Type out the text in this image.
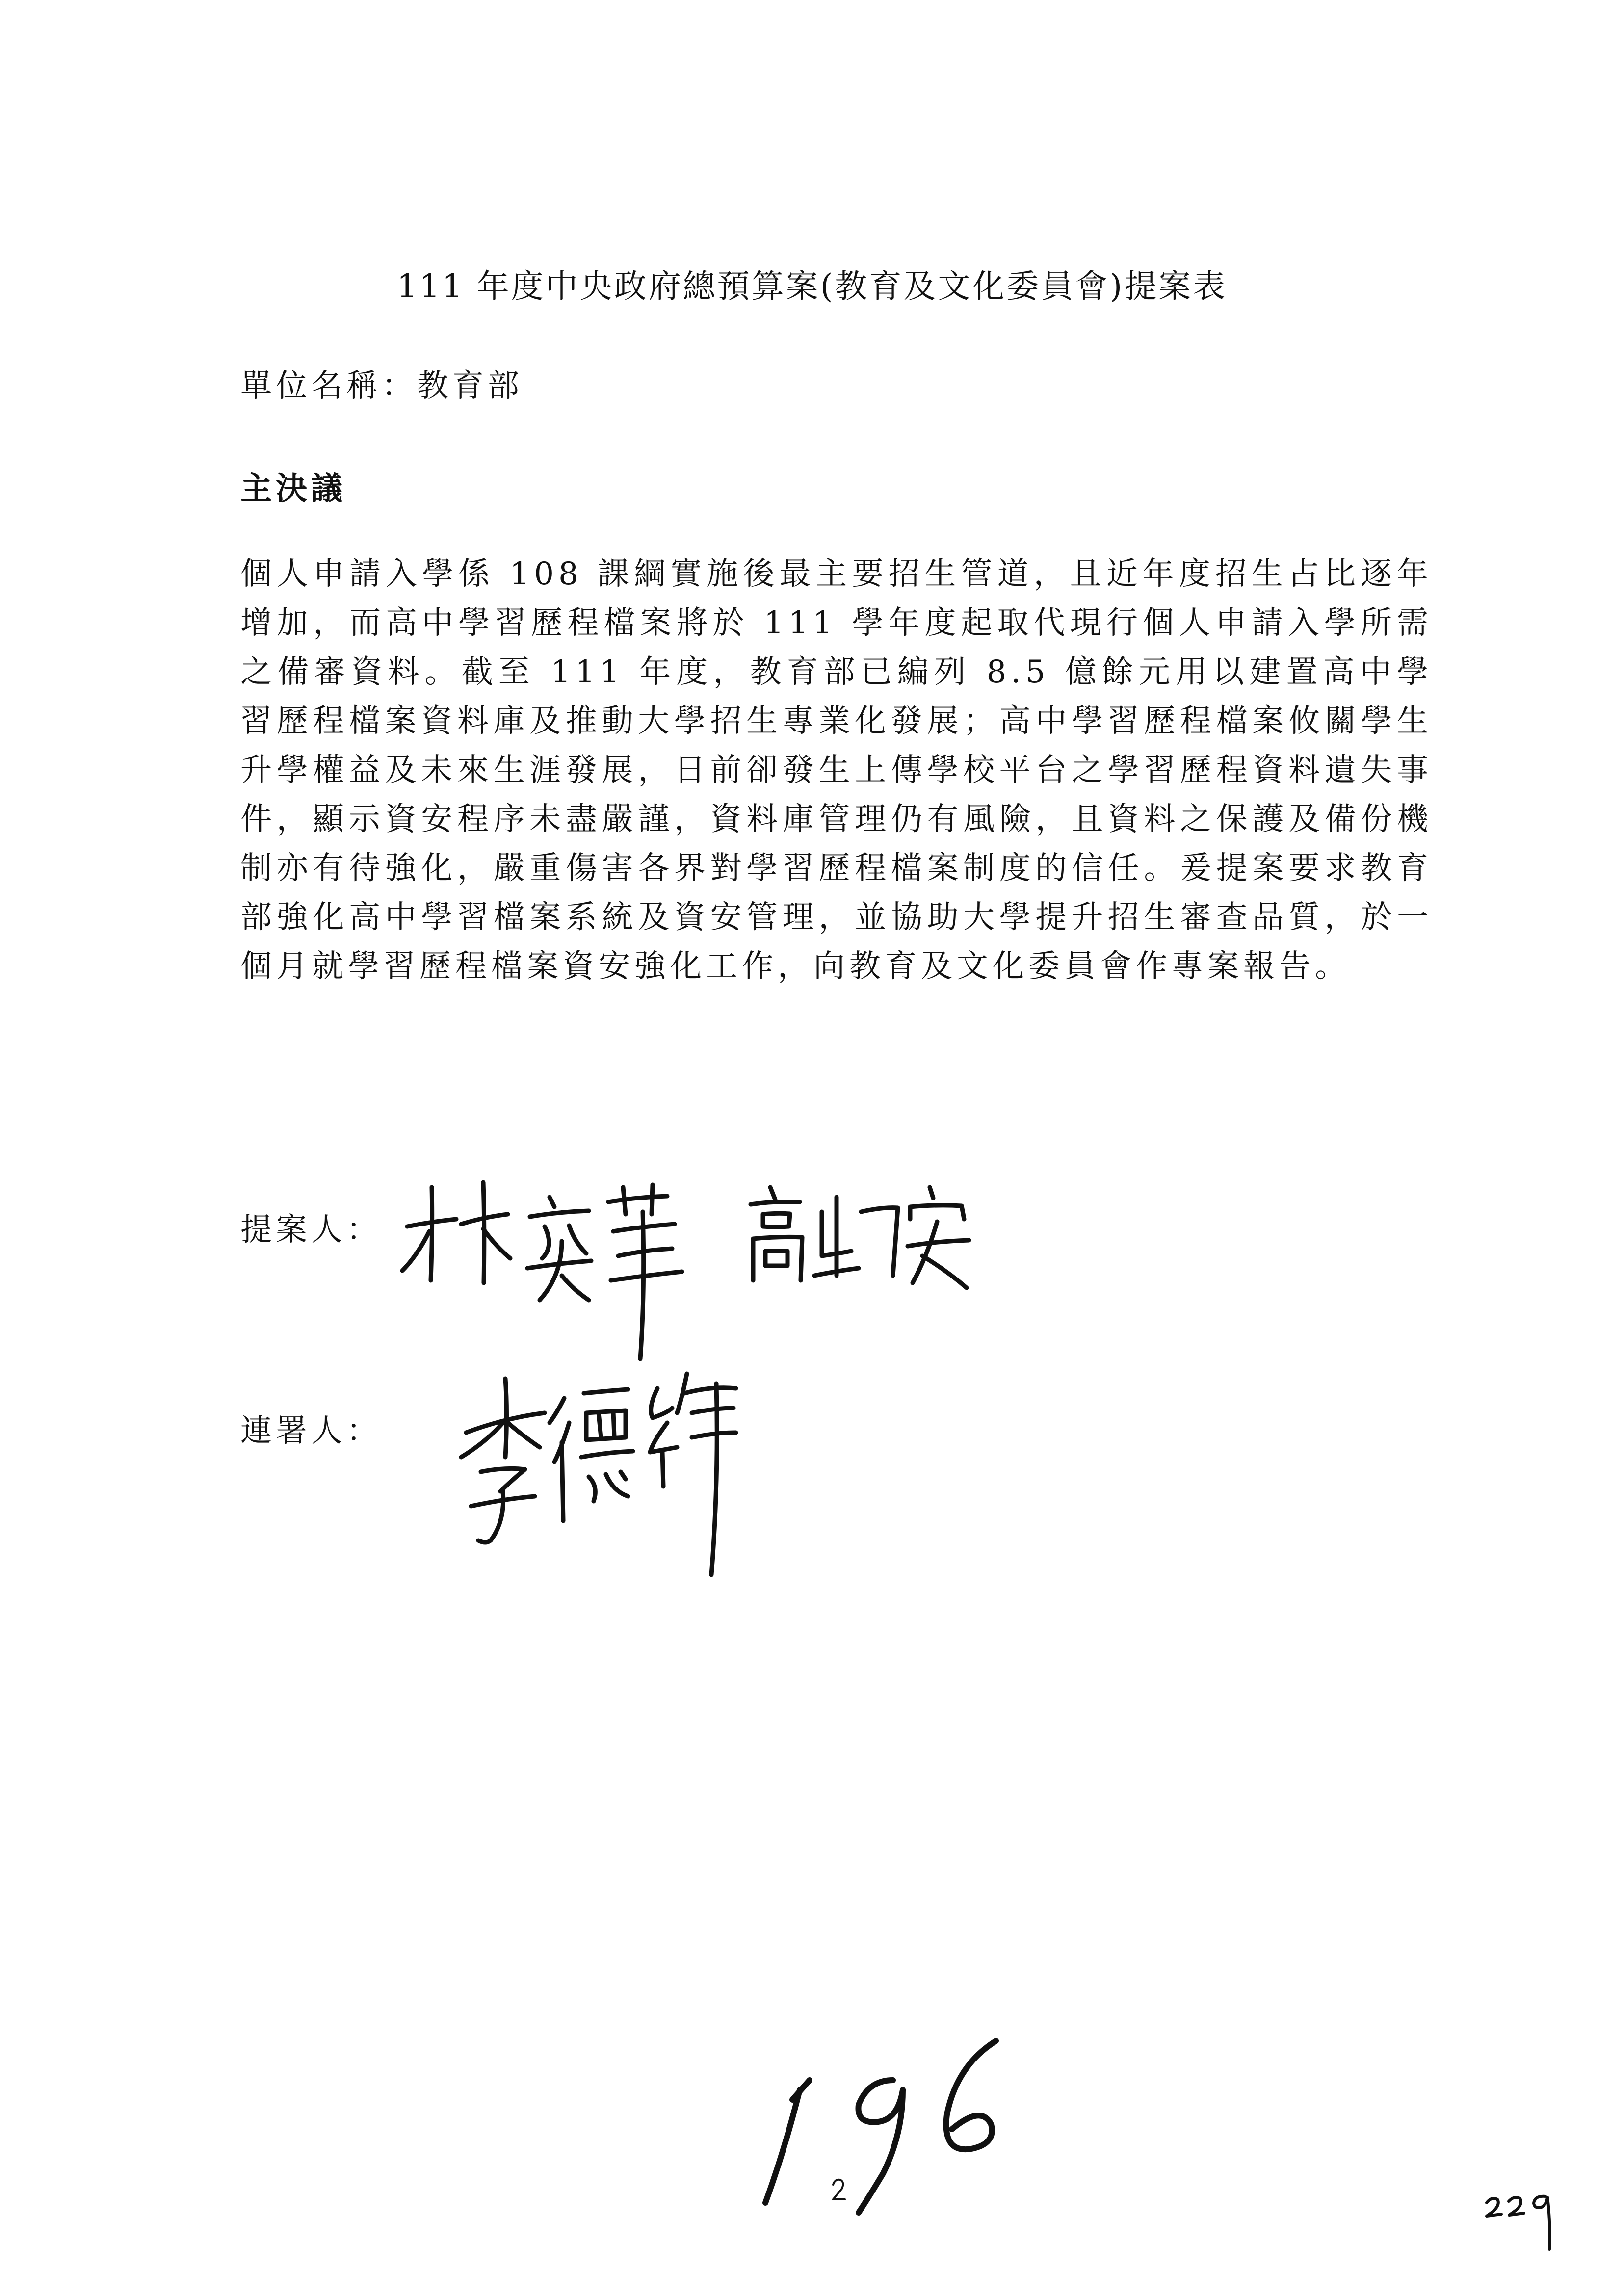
111 年度中央政府總預算案(教育及文化委員會)提案表
單位名稱：教育部
主決議
個人申請入學係 108 課綱實施後最主要招生管道，且近年度招生占比逐年增加，而高中學習歷程檔案將於 111 學年度起取代現行個人申請入學所需之備審資料。截至 111 年度，教育部已編列 8.5 億餘元用以建置高中學習歷程檔案資料庫及推動大學招生專業化發展；高中學習歷程檔案攸關學生升學權益及未來生涯發展，日前卻發生上傳學校平台之學習歷程資料遺失事件，顯示資安程序未盡嚴謹，資料庫管理仍有風險，且資料之保護及備份機制亦有待強化，嚴重傷害各界對學習歷程檔案制度的信任。爰提案要求教育部強化高中學習檔案系統及資安管理，並協助大學提升招生審查品質，於一個月就學習歷程檔案資安強化工作，向教育及文化委員會作專案報告。
提案人：
連署人：
